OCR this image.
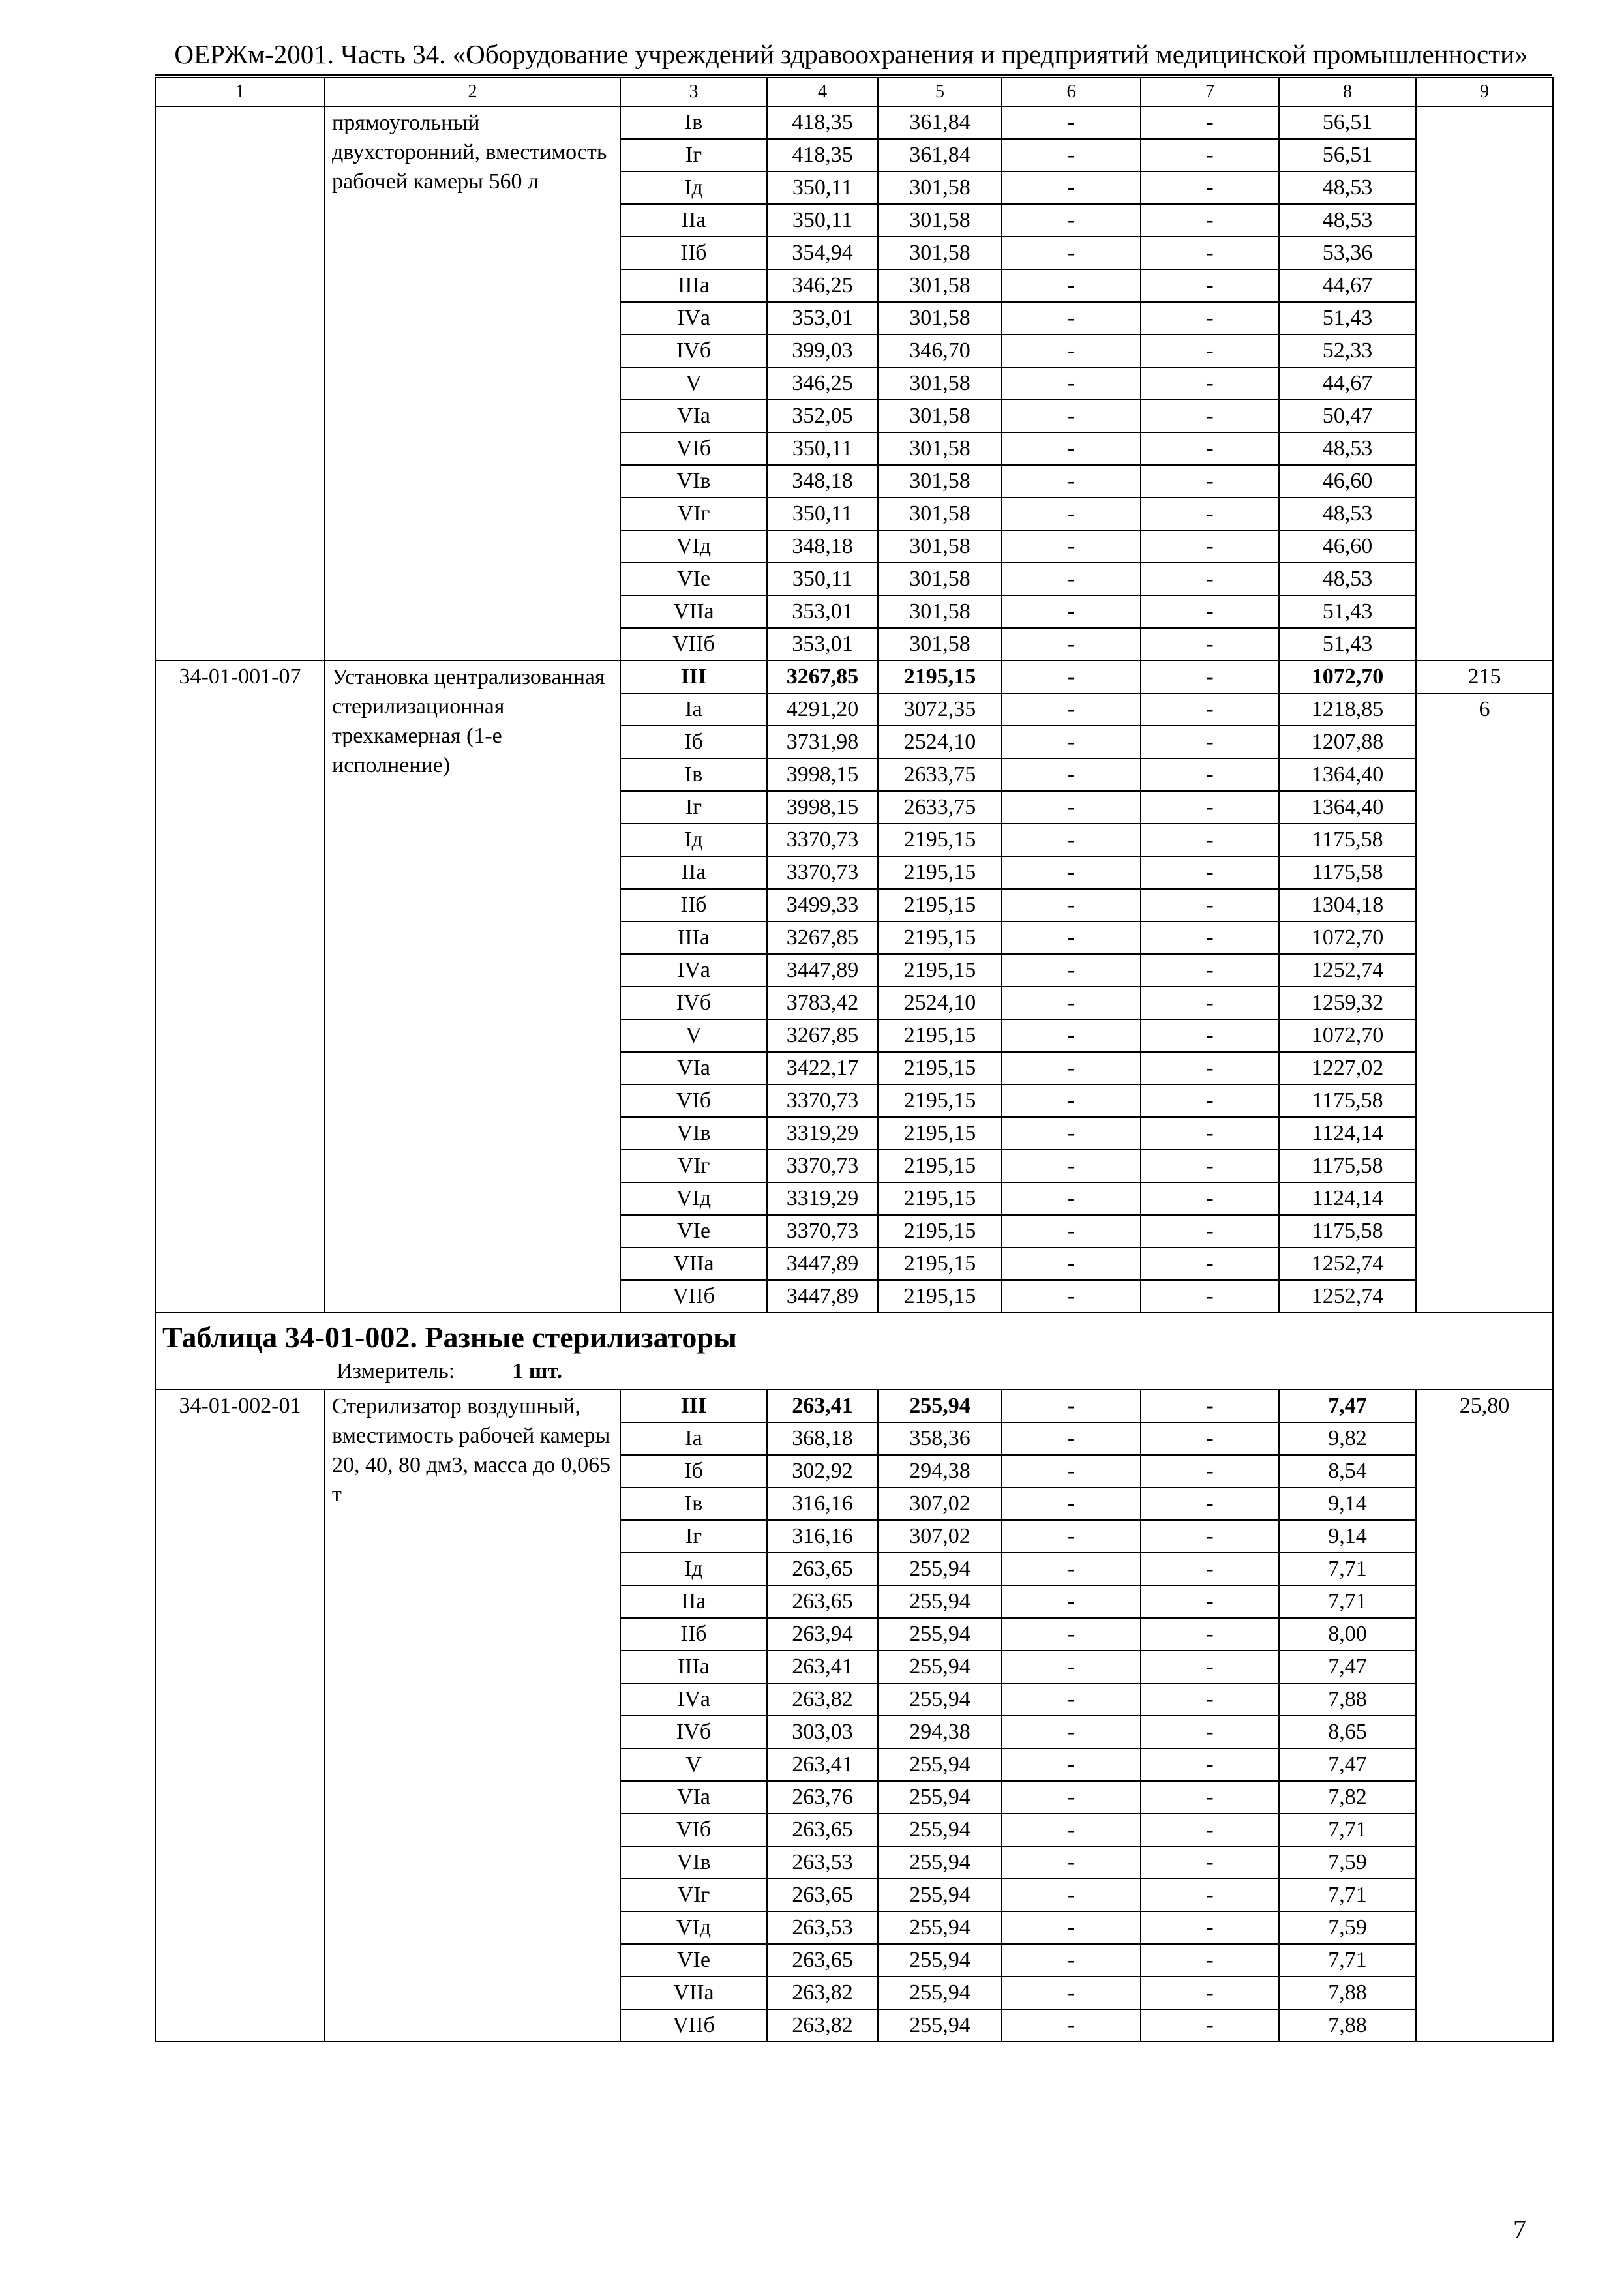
ОЕРЖм-2001. Часть 34. «Оборудование учреждений здравоохранения и предприятий медицинской промышленности»
1	2	3	4	5	6	7	8	9
	прямоугольный двухсторонний, вместимость рабочей камеры 560 л	Iв	418,35	361,84	-	-	56,51	
		Iг	418,35	361,84	-	-	56,51	
		Iд	350,11	301,58	-	-	48,53	
		IIа	350,11	301,58	-	-	48,53	
		IIб	354,94	301,58	-	-	53,36	
		IIIа	346,25	301,58	-	-	44,67	
		IVа	353,01	301,58	-	-	51,43	
		IVб	399,03	346,70	-	-	52,33	
		V	346,25	301,58	-	-	44,67	
		VIа	352,05	301,58	-	-	50,47	
		VIб	350,11	301,58	-	-	48,53	
		VIв	348,18	301,58	-	-	46,60	
		VIг	350,11	301,58	-	-	48,53	
		VIд	348,18	301,58	-	-	46,60	
		VIе	350,11	301,58	-	-	48,53	
		VIIа	353,01	301,58	-	-	51,43	
		VIIб	353,01	301,58	-	-	51,43	
34-01-001-07	Установка централизованная стерилизационная трехкамерная (1-е исполнение)	III	3267,85	2195,15	-	-	1072,70	215
		Iа	4291,20	3072,35	-	-	1218,85	6
		Iб	3731,98	2524,10	-	-	1207,88	
		Iв	3998,15	2633,75	-	-	1364,40	
		Iг	3998,15	2633,75	-	-	1364,40	
		Iд	3370,73	2195,15	-	-	1175,58	
		IIа	3370,73	2195,15	-	-	1175,58	
		IIб	3499,33	2195,15	-	-	1304,18	
		IIIа	3267,85	2195,15	-	-	1072,70	
		IVа	3447,89	2195,15	-	-	1252,74	
		IVб	3783,42	2524,10	-	-	1259,32	
		V	3267,85	2195,15	-	-	1072,70	
		VIа	3422,17	2195,15	-	-	1227,02	
		VIб	3370,73	2195,15	-	-	1175,58	
		VIв	3319,29	2195,15	-	-	1124,14	
		VIг	3370,73	2195,15	-	-	1175,58	
		VIд	3319,29	2195,15	-	-	1124,14	
		VIе	3370,73	2195,15	-	-	1175,58	
		VIIа	3447,89	2195,15	-	-	1252,74	
		VIIб	3447,89	2195,15	-	-	1252,74	

Таблица 34-01-002. Разные стерилизаторы
Измеритель: 1 шт.								

34-01-002-01	Стерилизатор воздушный, вместимость рабочей камеры 20, 40, 80 дм3, масса до 0,065 т	III	263,41	255,94	-	-	7,47	25,80
		Iа	368,18	358,36	-	-	9,82	
		Iб	302,92	294,38	-	-	8,54	
		Iв	316,16	307,02	-	-	9,14	
		Iг	316,16	307,02	-	-	9,14	
		Iд	263,65	255,94	-	-	7,71	
		IIа	263,65	255,94	-	-	7,71	
		IIб	263,94	255,94	-	-	8,00	
		IIIа	263,41	255,94	-	-	7,47	
		IVа	263,82	255,94	-	-	7,88	
		IVб	303,03	294,38	-	-	8,65	
		V	263,41	255,94	-	-	7,47	
		VIа	263,76	255,94	-	-	7,82	
		VIб	263,65	255,94	-	-	7,71	
		VIв	263,53	255,94	-	-	7,59	
		VIг	263,65	255,94	-	-	7,71	
		VIд	263,53	255,94	-	-	7,59	
		VIе	263,65	255,94	-	-	7,71	
		VIIа	263,82	255,94	-	-	7,88	
		VIIб	263,82	255,94	-	-	7,88	
7
